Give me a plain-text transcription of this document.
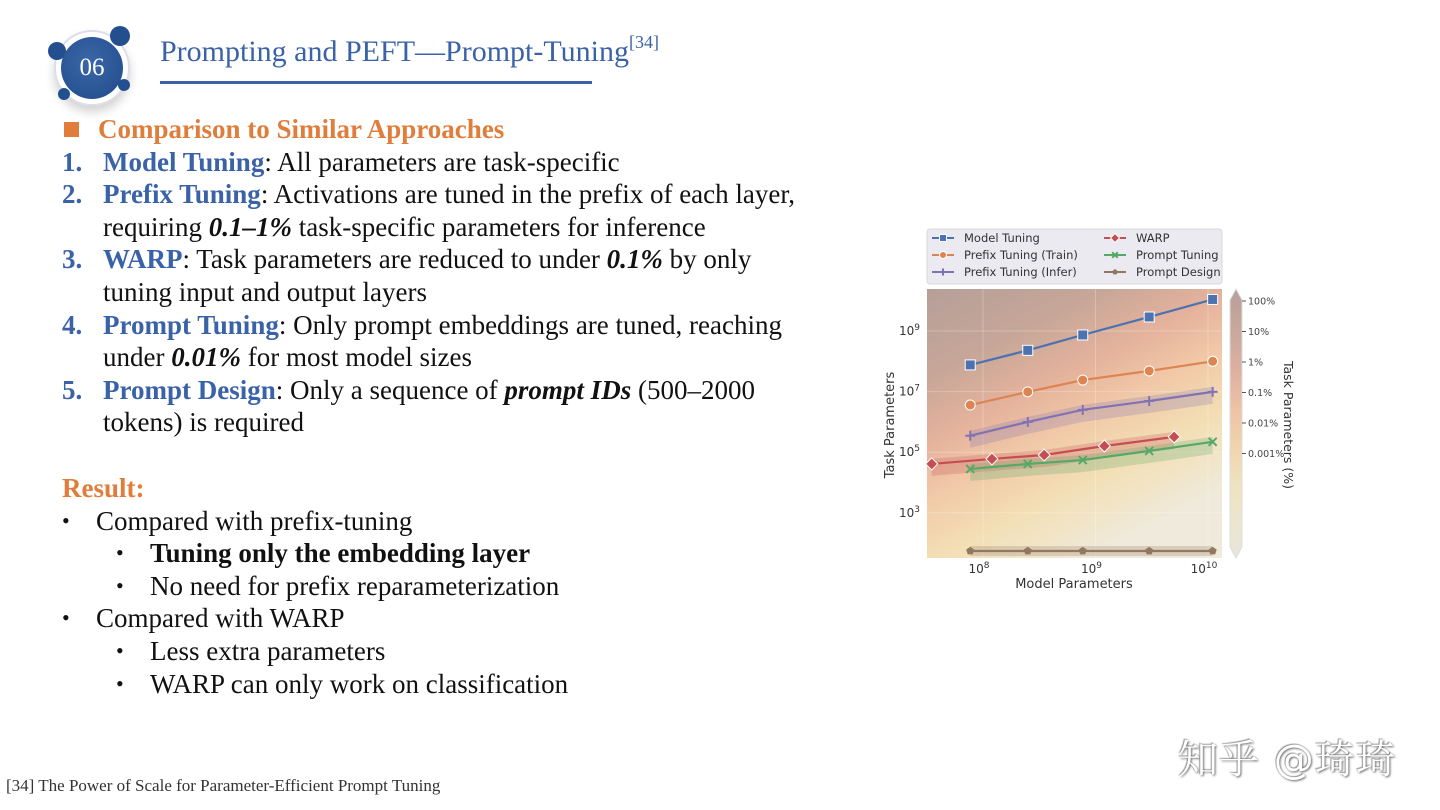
06	Prompting and PEFT—Prompt-Tuning[34]
Comparison to Similar Approaches
1. Model Tuning: All parameters are task-specific
2. Prefix Tuning: Activations are tuned in the prefix of each layer, requiring 0.1–1% task-specific parameters for inference
3. WARP: Task parameters are reduced to under 0.1% by only tuning input and output layers
4. Prompt Tuning: Only prompt embeddings are tuned, reaching under 0.01% for most model sizes
5. Prompt Design: Only a sequence of prompt IDs (500–2000 tokens) is required
Result:
• Compared with prefix-tuning
• Tuning only the embedding layer
• No need for prefix reparameterization
• Compared with WARP
• Less extra parameters
• WARP can only work on classification
Model Tuning
Prefix Tuning (Train)
Prefix Tuning (Infer)
WARP
Prompt Tuning
Prompt Design
$10^8$	$10^9$	$10^{10}$
$10^3$
$10^5$
$10^7$
$10^9$
Model Parameters
Task Parameters
100%
10%
1%
0.1%
0.01%
0.001%
Task Parameters (%)
[34] The Power of Scale for Parameter-Efficient Prompt Tuning
知乎 @琦琦
